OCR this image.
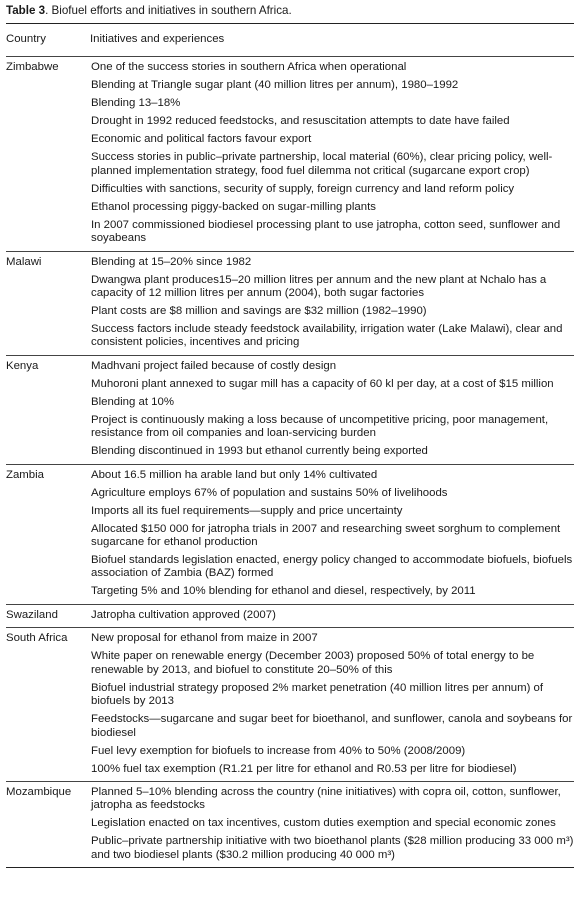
Table 3. Biofuel efforts and initiatives in southern Africa.
Country	Initiatives and experiences
Zimbabwe	One of the success stories in southern Africa when operational
	Blending at Triangle sugar plant (40 million litres per annum), 1980–1992
	Blending 13–18%
	Drought in 1992 reduced feedstocks, and resuscitation attempts to date have failed
	Economic and political factors favour export
	Success stories in public–private partnership, local material (60%), clear pricing policy, well-planned implementation strategy, food fuel dilemma not critical (sugarcane export crop)
	Difficulties with sanctions, security of supply, foreign currency and land reform policy
	Ethanol processing piggy-backed on sugar-milling plants
	In 2007 commissioned biodiesel processing plant to use jatropha, cotton seed, sunflower and soyabeans
Malawi	Blending at 15–20% since 1982
	Dwangwa plant produces15–20 million litres per annum and the new plant at Nchalo has a capacity of 12 million litres per annum (2004), both sugar factories
	Plant costs are $8 million and savings are $32 million (1982–1990)
	Success factors include steady feedstock availability, irrigation water (Lake Malawi), clear and consistent policies, incentives and pricing
Kenya	Madhvani project failed because of costly design
	Muhoroni plant annexed to sugar mill has a capacity of 60 kl per day, at a cost of $15 million
	Blending at 10%
	Project is continuously making a loss because of uncompetitive pricing, poor management, resistance from oil companies and loan-servicing burden
	Blending discontinued in 1993 but ethanol currently being exported
Zambia	About 16.5 million ha arable land but only 14% cultivated
	Agriculture employs 67% of population and sustains 50% of livelihoods
	Imports all its fuel requirements—supply and price uncertainty
	Allocated $150 000 for jatropha trials in 2007 and researching sweet sorghum to complement sugarcane for ethanol production
	Biofuel standards legislation enacted, energy policy changed to accommodate biofuels, biofuels association of Zambia (BAZ) formed
	Targeting 5% and 10% blending for ethanol and diesel, respectively, by 2011
Swaziland	Jatropha cultivation approved (2007)
South Africa	New proposal for ethanol from maize in 2007
	White paper on renewable energy (December 2003) proposed 50% of total energy to be renewable by 2013, and biofuel to constitute 20–50% of this
	Biofuel industrial strategy proposed 2% market penetration (40 million litres per annum) of biofuels by 2013
	Feedstocks—sugarcane and sugar beet for bioethanol, and sunflower, canola and soybeans for biodiesel
	Fuel levy exemption for biofuels to increase from 40% to 50% (2008/2009)
	100% fuel tax exemption (R1.21 per litre for ethanol and R0.53 per litre for biodiesel)
Mozambique	Planned 5–10% blending across the country (nine initiatives) with copra oil, cotton, sunflower, jatropha as feedstocks
	Legislation enacted on tax incentives, custom duties exemption and special economic zones
	Public–private partnership initiative with two bioethanol plants ($28 million producing 33 000 m³) and two biodiesel plants ($30.2 million producing 40 000 m³)
